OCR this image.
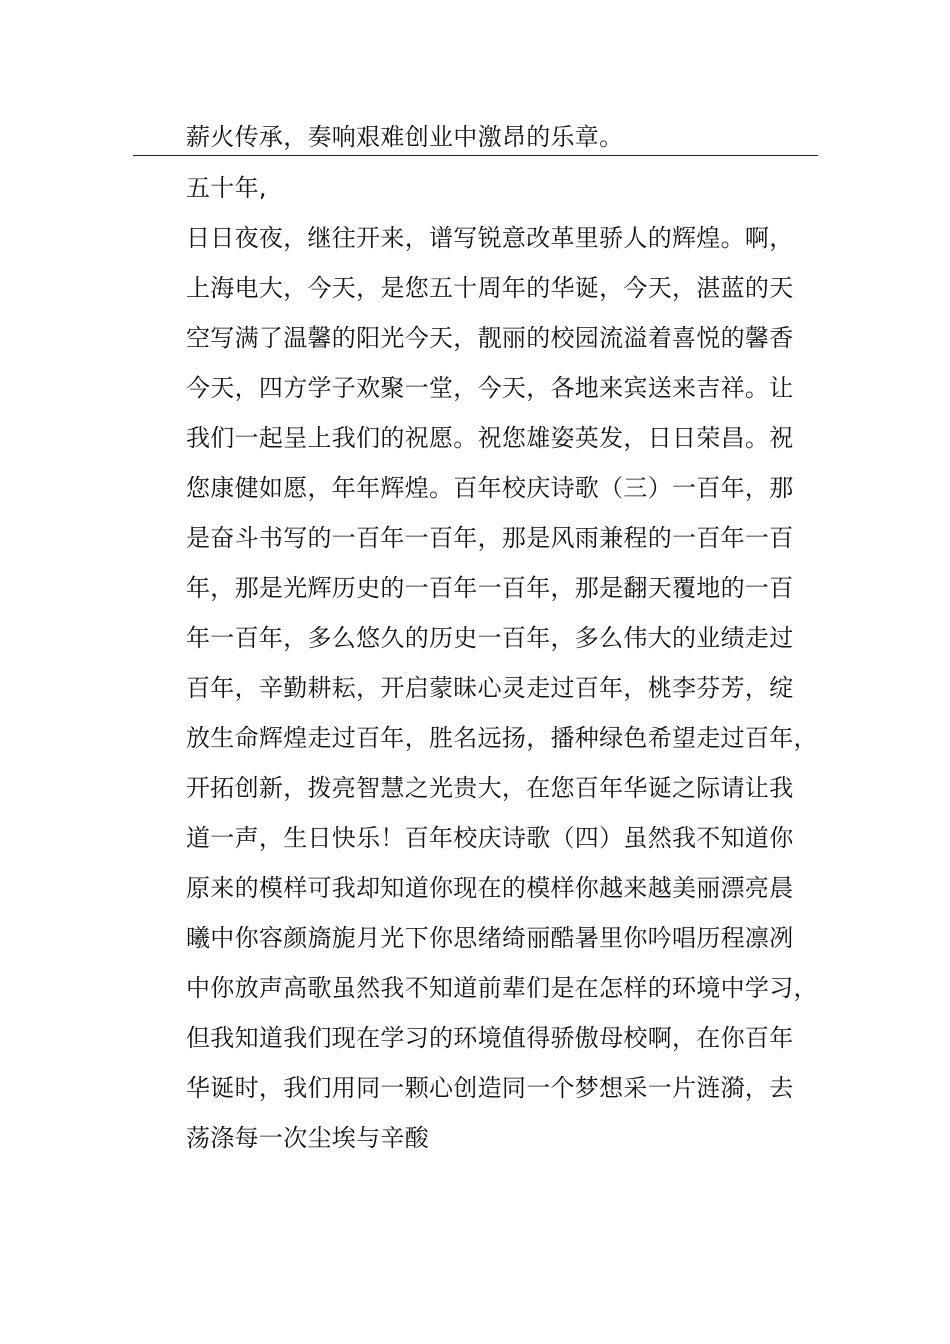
薪火传承，奏响艰难创业中激昂的乐章。
五十年,
日日夜夜，继往开来，谱写锐意改革里骄人的辉煌。啊，
上海电大，今天，是您五十周年的华诞，今天，湛蓝的天
空写满了温馨的阳光今天，靓丽的校园流溢着喜悦的馨香
今天，四方学子欢聚一堂，今天，各地来宾送来吉祥。让
我们一起呈上我们的祝愿。祝您雄姿英发，日日荣昌。祝
您康健如愿，年年辉煌。百年校庆诗歌（三）一百年，那
是奋斗书写的一百年一百年，那是风雨兼程的一百年一百
年，那是光辉历史的一百年一百年，那是翻天覆地的一百
年一百年，多么悠久的历史一百年，多么伟大的业绩走过
百年，辛勤耕耘，开启蒙昧心灵走过百年，桃李芬芳，绽
放生命辉煌走过百年，胜名远扬，播种绿色希望走过百年，
开拓创新，拨亮智慧之光贵大，在您百年华诞之际请让我
道一声，生日快乐！百年校庆诗歌（四）虽然我不知道你
原来的模样可我却知道你现在的模样你越来越美丽漂亮晨
曦中你容颜旖旎月光下你思绪绮丽酷暑里你吟唱历程凛冽
中你放声高歌虽然我不知道前辈们是在怎样的环境中学习，
但我知道我们现在学习的环境值得骄傲母校啊，在你百年
华诞时，我们用同一颗心创造同一个梦想采一片涟漪，去
荡涤每一次尘埃与辛酸
